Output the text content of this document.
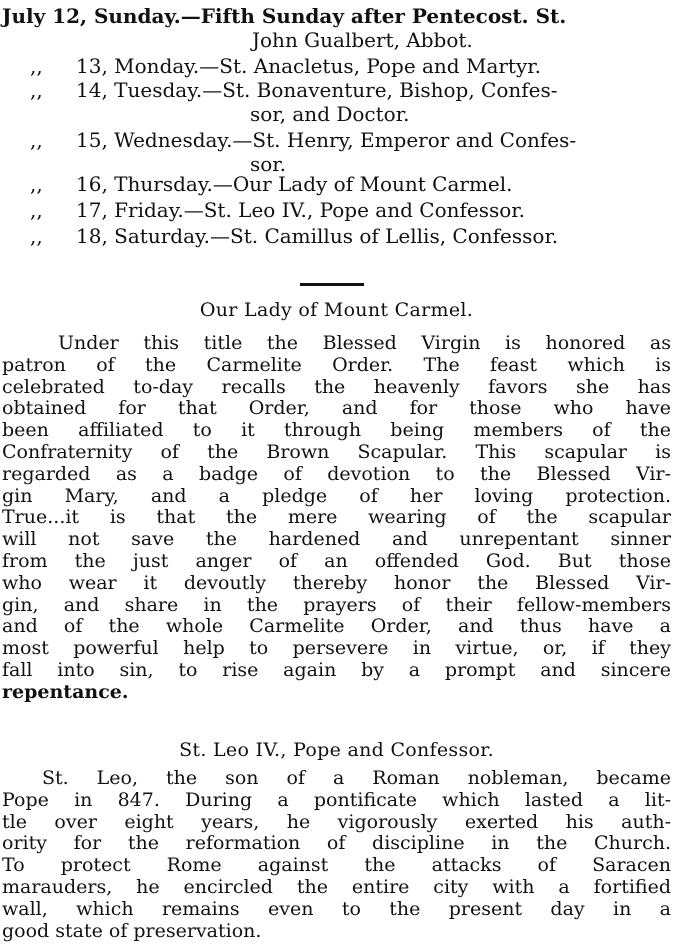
July 12, Sunday.—Fifth Sunday after Pentecost. St.
John Gualbert, Abbot.
,, 13, Monday.—St. Anacletus, Pope and Martyr.
,, 14, Tuesday.—St. Bonaventure, Bishop, Confes-
sor, and Doctor.
,, 15, Wednesday.—St. Henry, Emperor and Confes-
sor.
,, 16, Thursday.—Our Lady of Mount Carmel.
,, 17, Friday.—St. Leo IV., Pope and Confessor.
,, 18, Saturday.—St. Camillus of Lellis, Confessor.
Our Lady of Mount Carmel.
Under this title the Blessed Virgin is honored as
patron of the Carmelite Order. The feast which is
celebrated to-day recalls the heavenly favors she has
obtained for that Order, and for those who have
been affiliated to it through being members of the
Confraternity of the Brown Scapular. This scapular is
regarded as a badge of devotion to the Blessed Vir-
gin Mary, and a pledge of her loving protection.
True...it is that the mere wearing of the scapular
will not save the hardened and unrepentant sinner
from the just anger of an offended God. But those
who wear it devoutly thereby honor the Blessed Vir-
gin, and share in the prayers of their fellow-members
and of the whole Carmelite Order, and thus have a
most powerful help to persevere in virtue, or, if they
fall into sin, to rise again by a prompt and sincere
repentance.
St. Leo IV., Pope and Confessor.
St. Leo, the son of a Roman nobleman, became
Pope in 847. During a pontificate which lasted a lit-
tle over eight years, he vigorously exerted his auth-
ority for the reformation of discipline in the Church.
To protect Rome against the attacks of Saracen
marauders, he encircled the entire city with a fortified
wall, which remains even to the present day in a
good state of preservation.
